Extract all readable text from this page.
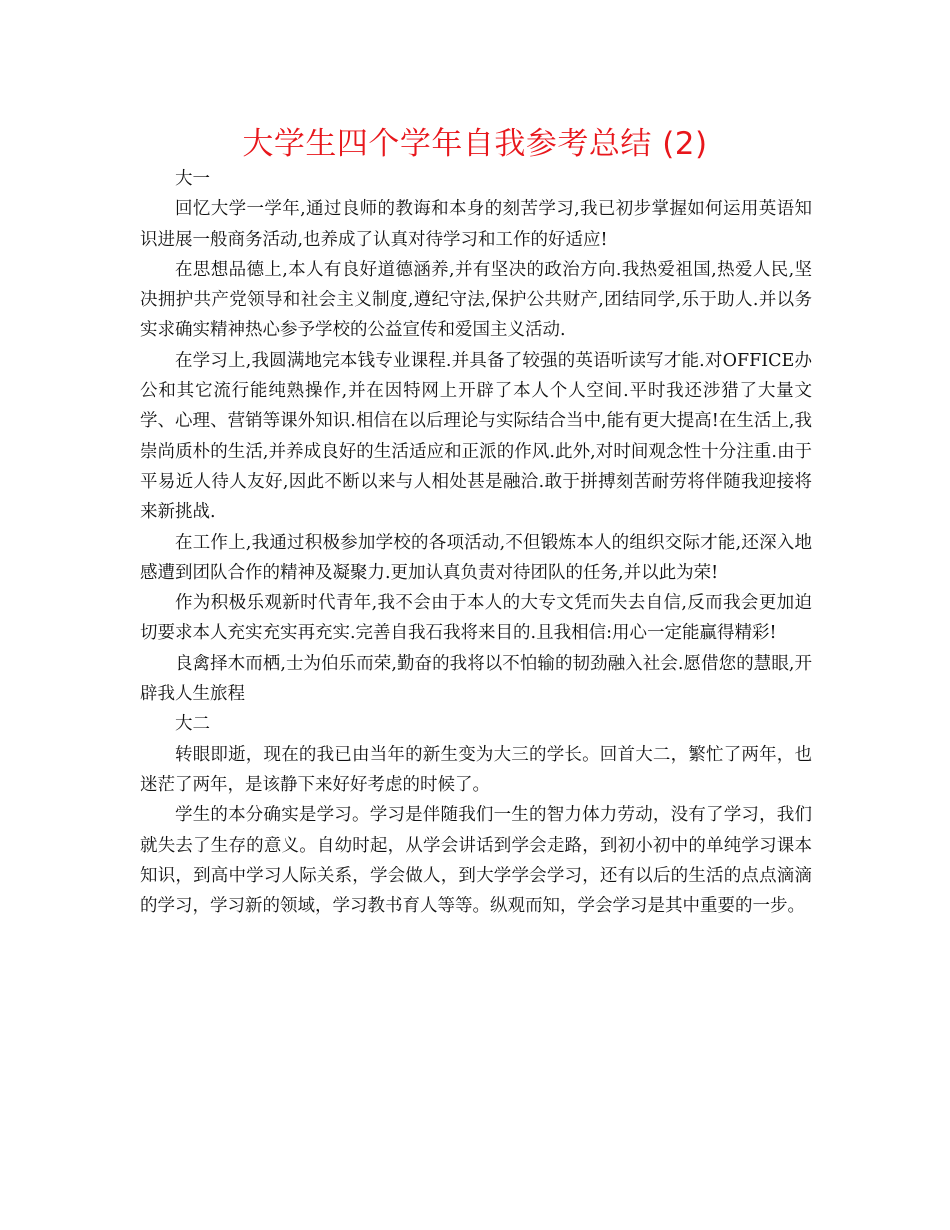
大学生四个学年自我参考总结 (2)

大一

回忆大学一学年,通过良师的教诲和本身的刻苦学习,我已初步掌握如何运用英语知识进展一般商务活动,也养成了认真对待学习和工作的好适应!

在思想品德上,本人有良好道德涵养,并有坚决的政治方向.我热爱祖国,热爱人民,坚决拥护共产党领导和社会主义制度,遵纪守法,保护公共财产,团结同学,乐于助人.并以务实求确实精神热心参予学校的公益宣传和爱国主义活动.

在学习上,我圆满地完本钱专业课程.并具备了较强的英语听读写才能.对OFFICE办公和其它流行能纯熟操作,并在因特网上开辟了本人个人空间.平时我还涉猎了大量文学、心理、营销等课外知识.相信在以后理论与实际结合当中,能有更大提高!在生活上,我崇尚质朴的生活,并养成良好的生活适应和正派的作风.此外,对时间观念性十分注重.由于平易近人待人友好,因此不断以来与人相处甚是融洽.敢于拼搏刻苦耐劳将伴随我迎接将来新挑战.

在工作上,我通过积极参加学校的各项活动,不但锻炼本人的组织交际才能,还深入地感遭到团队合作的精神及凝聚力.更加认真负责对待团队的任务,并以此为荣!

作为积极乐观新时代青年,我不会由于本人的大专文凭而失去自信,反而我会更加迫切要求本人充实充实再充实.完善自我石我将来目的.且我相信:用心一定能赢得精彩!

良禽择木而栖,士为伯乐而荣,勤奋的我将以不怕输的韧劲融入社会.愿借您的慧眼,开辟我人生旅程

大二

转眼即逝，现在的我已由当年的新生变为大三的学长。回首大二，繁忙了两年，也迷茫了两年，是该静下来好好考虑的时候了。

学生的本分确实是学习。学习是伴随我们一生的智力体力劳动，没有了学习，我们就失去了生存的意义。自幼时起，从学会讲话到学会走路，到初小初中的单纯学习课本知识，到高中学习人际关系，学会做人，到大学学会学习，还有以后的生活的点点滴滴的学习，学习新的领域，学习教书育人等等。纵观而知，学会学习是其中重要的一步。
